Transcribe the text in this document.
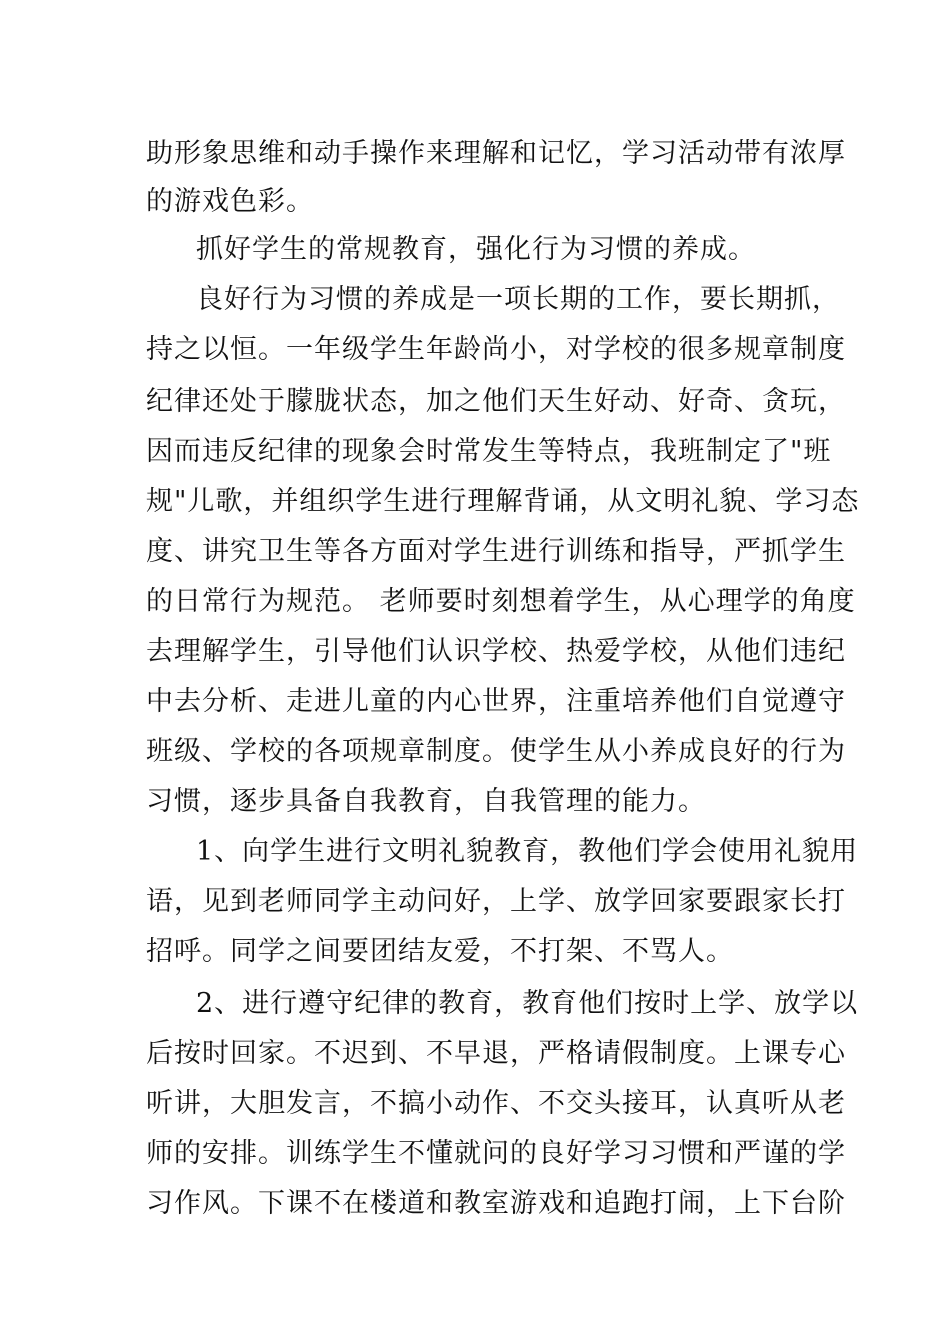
助形象思维和动手操作来理解和记忆，学习活动带有浓厚
的游戏色彩。
抓好学生的常规教育，强化行为习惯的养成。
良好行为习惯的养成是一项长期的工作，要长期抓，
持之以恒。一年级学生年龄尚小，对学校的很多规章制度
纪律还处于朦胧状态，加之他们天生好动、好奇、贪玩，
因而违反纪律的现象会时常发生等特点，我班制定了"班
规"儿歌，并组织学生进行理解背诵，从文明礼貌、学习态
度、讲究卫生等各方面对学生进行训练和指导，严抓学生
的日常行为规范。 老师要时刻想着学生，从心理学的角度
去理解学生，引导他们认识学校、热爱学校，从他们违纪
中去分析、走进儿童的内心世界，注重培养他们自觉遵守
班级、学校的各项规章制度。使学生从小养成良好的行为
习惯，逐步具备自我教育，自我管理的能力。
1、向学生进行文明礼貌教育，教他们学会使用礼貌用
语，见到老师同学主动问好，上学、放学回家要跟家长打
招呼。同学之间要团结友爱，不打架、不骂人。
2、进行遵守纪律的教育，教育他们按时上学、放学以
后按时回家。不迟到、不早退，严格请假制度。上课专心
听讲，大胆发言，不搞小动作、不交头接耳，认真听从老
师的安排。训练学生不懂就问的良好学习习惯和严谨的学
习作风。下课不在楼道和教室游戏和追跑打闹，上下台阶
